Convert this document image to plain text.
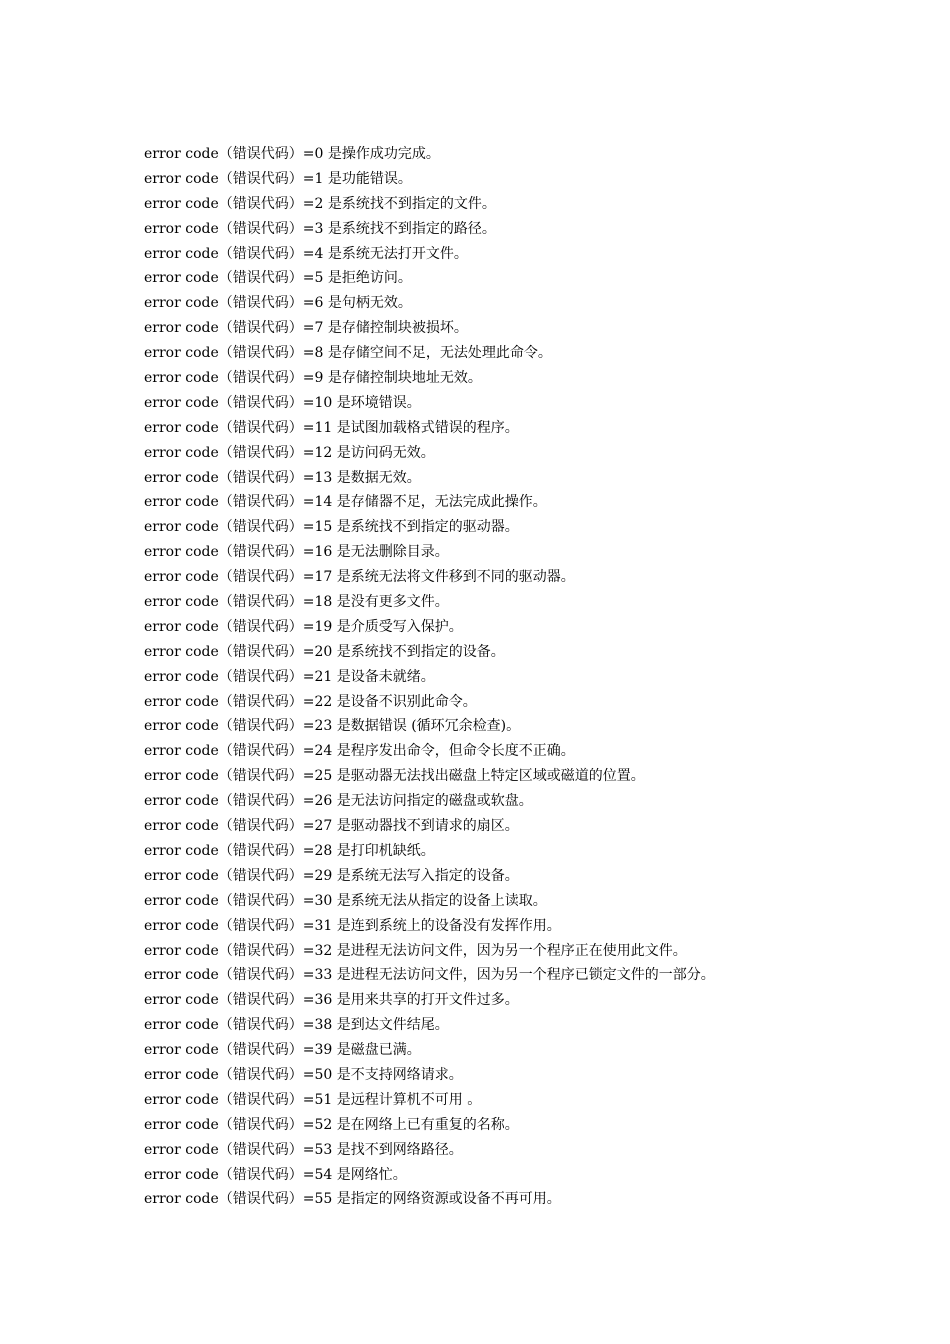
error code（错误代码）=0 是操作成功完成。
error code（错误代码）=1 是功能错误。
error code（错误代码）=2 是系统找不到指定的文件。
error code（错误代码）=3 是系统找不到指定的路径。
error code（错误代码）=4 是系统无法打开文件。
error code（错误代码）=5 是拒绝访问。
error code（错误代码）=6 是句柄无效。
error code（错误代码）=7 是存储控制块被损坏。
error code（错误代码）=8 是存储空间不足，无法处理此命令。
error code（错误代码）=9 是存储控制块地址无效。
error code（错误代码）=10 是环境错误。
error code（错误代码）=11 是试图加载格式错误的程序。
error code（错误代码）=12 是访问码无效。
error code（错误代码）=13 是数据无效。
error code（错误代码）=14 是存储器不足，无法完成此操作。
error code（错误代码）=15 是系统找不到指定的驱动器。
error code（错误代码）=16 是无法删除目录。
error code（错误代码）=17 是系统无法将文件移到不同的驱动器。
error code（错误代码）=18 是没有更多文件。
error code（错误代码）=19 是介质受写入保护。
error code（错误代码）=20 是系统找不到指定的设备。
error code（错误代码）=21 是设备未就绪。
error code（错误代码）=22 是设备不识别此命令。
error code（错误代码）=23 是数据错误 (循环冗余检查)。
error code（错误代码）=24 是程序发出命令，但命令长度不正确。
error code（错误代码）=25 是驱动器无法找出磁盘上特定区域或磁道的位置。
error code（错误代码）=26 是无法访问指定的磁盘或软盘。
error code（错误代码）=27 是驱动器找不到请求的扇区。
error code（错误代码）=28 是打印机缺纸。
error code（错误代码）=29 是系统无法写入指定的设备。
error code（错误代码）=30 是系统无法从指定的设备上读取。
error code（错误代码）=31 是连到系统上的设备没有发挥作用。
error code（错误代码）=32 是进程无法访问文件，因为另一个程序正在使用此文件。
error code（错误代码）=33 是进程无法访问文件，因为另一个程序已锁定文件的一部分。
error code（错误代码）=36 是用来共享的打开文件过多。
error code（错误代码）=38 是到达文件结尾。
error code（错误代码）=39 是磁盘已满。
error code（错误代码）=50 是不支持网络请求。
error code（错误代码）=51 是远程计算机不可用 。
error code（错误代码）=52 是在网络上已有重复的名称。
error code（错误代码）=53 是找不到网络路径。
error code（错误代码）=54 是网络忙。
error code（错误代码）=55 是指定的网络资源或设备不再可用。
